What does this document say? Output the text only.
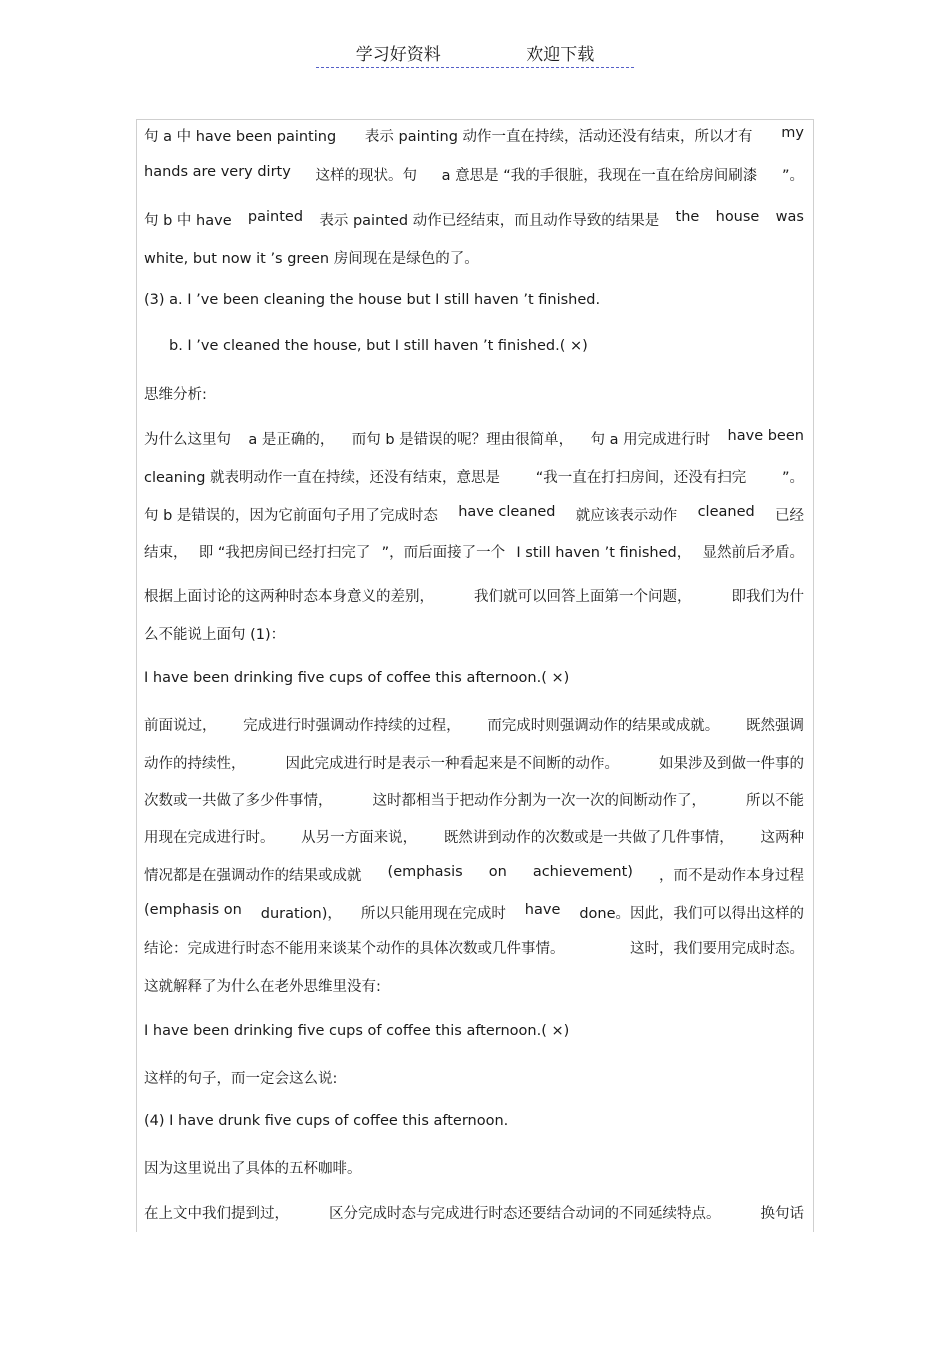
学习好资料	欢迎下载
句 a 中 have been painting 表示 painting 动作一直在持续，活动还没有结束，所以才有 my
hands are very dirty 这样的现状。句 a 意思是 “我的手很脏，我现在一直在给房间刷漆 ”。
句 b 中 have painted 表示 painted 动作已经结束，而且动作导致的结果是 the house was
white, but now it ’s green 房间现在是绿色的了。
(3) a. I ’ve been cleaning the house but I still haven ’t finished.
b. I ’ve cleaned the house, but I still haven ’t finished.( ×)
思维分析:
为什么这里句 a 是正确的， 而句 b 是错误的呢？理由很简单， 句 a 用完成进行时 have been
cleaning 就表明动作一直在持续，还没有结束，意思是 “我一直在打扫房间，还没有扫完 ”。
句 b 是错误的，因为它前面句子用了完成时态 have cleaned 就应该表示动作 cleaned 已经
结束， 即 “我把房间已经打扫完了 ”，而后面接了一个 I still haven ’t finished， 显然前后矛盾。
根据上面讨论的这两种时态本身意义的差别，	我们就可以回答上面第一个问题，	即我们为什
么不能说上面句 (1)：
I have been drinking five cups of coffee this afternoon.( ×)
前面说过， 完成进行时强调动作持续的过程， 而完成时则强调动作的结果或成就。 既然强调
动作的持续性，	因此完成进行时是表示一种看起来是不间断的动作。	如果涉及到做一件事的
次数或一共做了多少件事情，	这时都相当于把动作分割为一次一次的间断动作了，	所以不能
用现在完成进行时。 从另一方面来说， 既然讲到动作的次数或是一共做了几件事情， 这两种
情况都是在强调动作的结果或成就 (emphasis on achievement) ，而不是动作本身过程
(emphasis on duration)， 所以只能用现在完成时 have done。因此，我们可以得出这样的
结论：完成进行时态不能用来谈某个动作的具体次数或几件事情。	这时，我们要用完成时态。
这就解释了为什么在老外思维里没有:
I have been drinking five cups of coffee this afternoon.( ×)
这样的句子，而一定会这么说:
(4) I have drunk five cups of coffee this afternoon.
因为这里说出了具体的五杯咖啡。
在上文中我们提到过，	区分完成时态与完成进行时态还要结合动词的不同延续特点。	换句话
